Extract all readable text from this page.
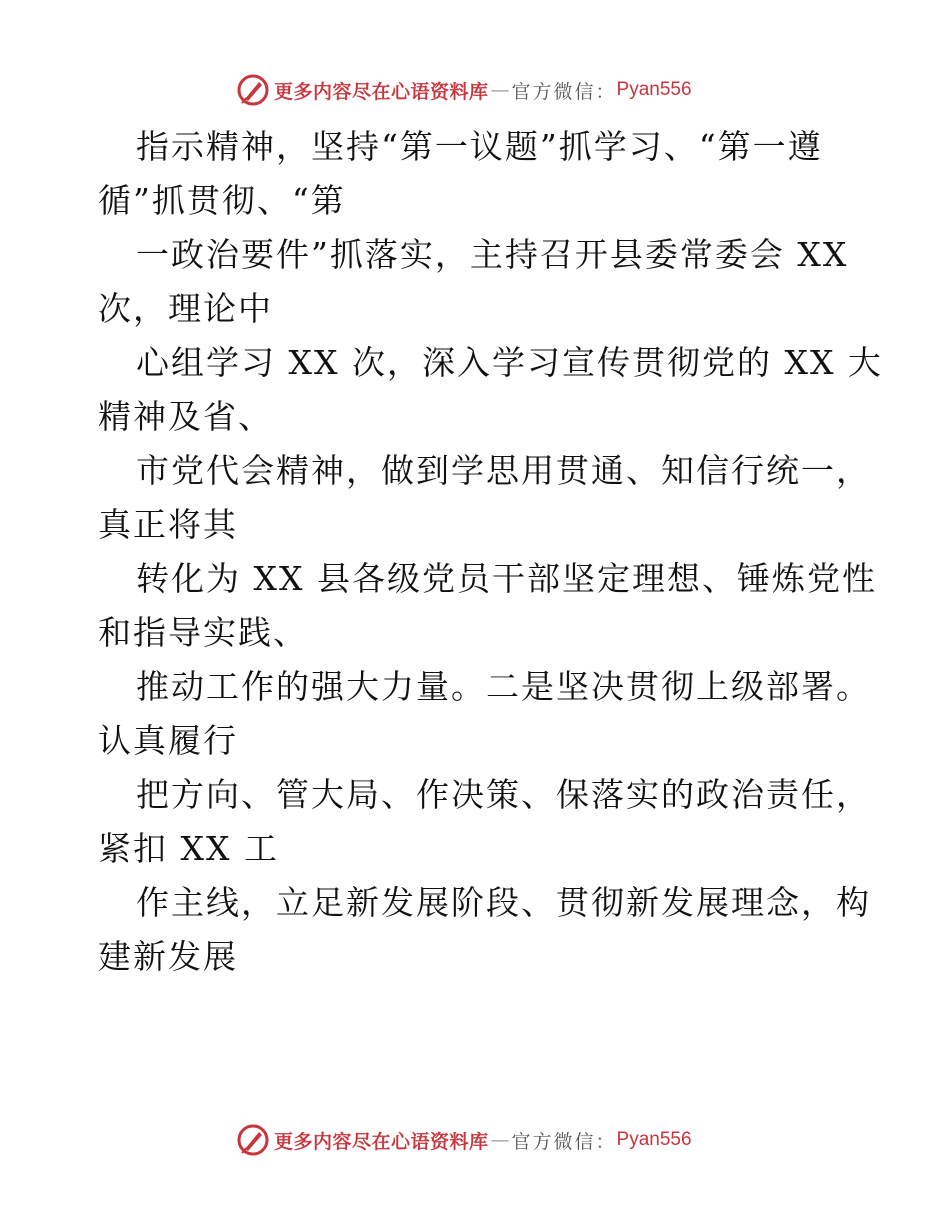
更多内容尽在心语资料库 — 官方微信： Pyan556
指示精神，坚持“第一议题”抓学习、“第一遵
循”抓贯彻、“第
一政治要件”抓落实，主持召开县委常委会 XX
次，理论中
心组学习 XX 次，深入学习宣传贯彻党的 XX 大
精神及省、
市党代会精神，做到学思用贯通、知信行统一，
真正将其
转化为 XX 县各级党员干部坚定理想、锤炼党性
和指导实践、
推动工作的强大力量。二是坚决贯彻上级部署。
认真履行
把方向、管大局、作决策、保落实的政治责任，
紧扣 XX 工
作主线，立足新发展阶段、贯彻新发展理念，构
建新发展
更多内容尽在心语资料库 — 官方微信： Pyan556
